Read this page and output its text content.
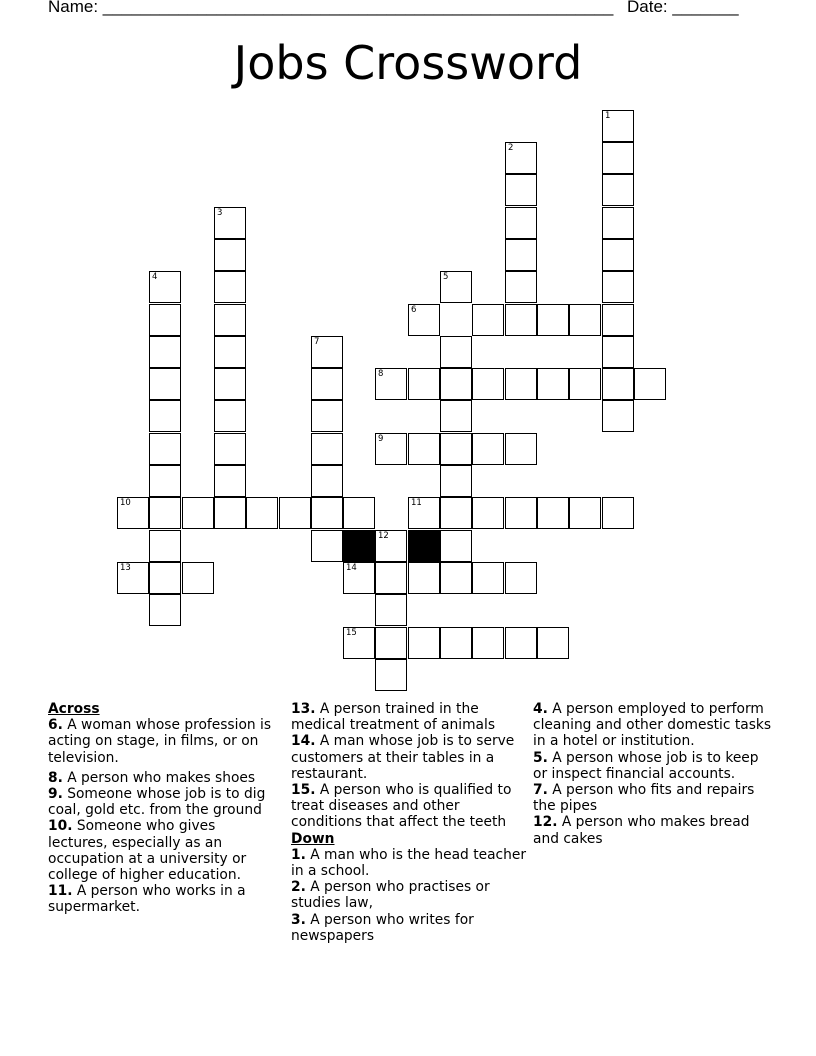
Name: ______________________________________________________ Date: _______
Jobs Crossword
1
2
3
4	5
6
7
8
9
10	11
12
13	14
15
Across

6. A woman whose profession is acting on stage, in films, or on television.

8. A person who makes shoes

9. Someone whose job is to dig coal, gold etc. from the ground

10. Someone who gives lectures, especially as an occupation at a university or college of higher education.

11. A person who works in a supermarket.

13. A person trained in the medical treatment of animals

14. A man whose job is to serve customers at their tables in a restaurant.

15. A person who is qualified to treat diseases and other conditions that affect the teeth

Down

1. A man who is the head teacher in a school.

2. A person who practises or studies law,

3. A person who writes for newspapers

4. A person employed to perform cleaning and other domestic tasks in a hotel or institution.

5. A person whose job is to keep or inspect financial accounts.

7. A person who fits and repairs the pipes

12. A person who makes bread and cakes
